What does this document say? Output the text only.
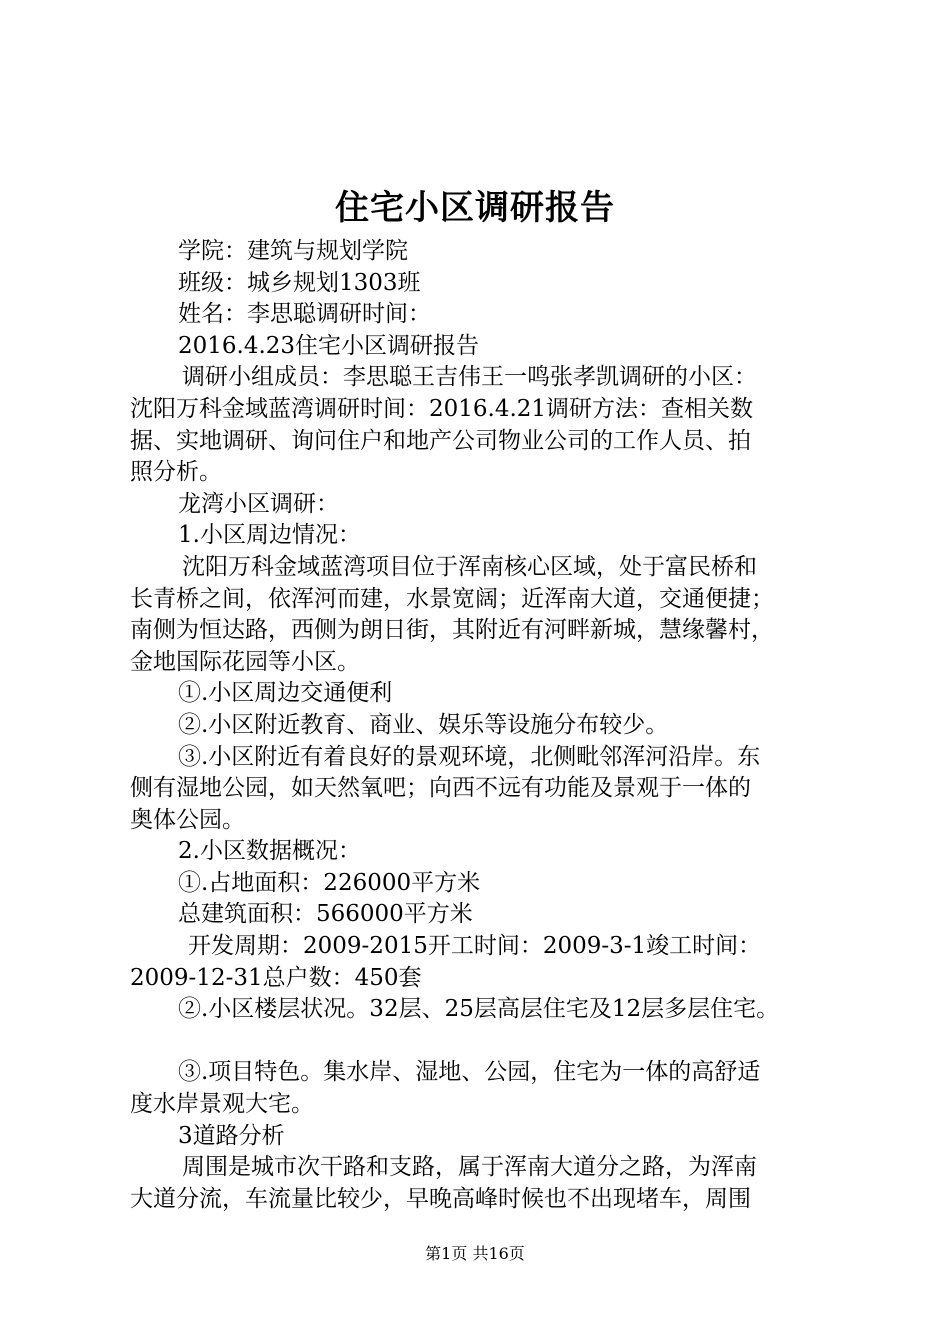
住宅小区调研报告

学院：建筑与规划学院

班级：城乡规划1303班

姓名：李思聪调研时间：

2016.4.23住宅小区调研报告

调研小组成员：李思聪王吉伟王一鸣张孝凯调研的小区：

沈阳万科金域蓝湾调研时间：2016.4.21调研方法：查相关数

据、实地调研、询问住户和地产公司物业公司的工作人员、拍

照分析。

龙湾小区调研：

1.小区周边情况：

沈阳万科金域蓝湾项目位于浑南核心区域，处于富民桥和

长青桥之间，依浑河而建，水景宽阔；近浑南大道，交通便捷；

南侧为恒达路，西侧为朗日街，其附近有河畔新城，慧缘馨村，

金地国际花园等小区。

①.小区周边交通便利

②.小区附近教育、商业、娱乐等设施分布较少。

③.小区附近有着良好的景观环境，北侧毗邻浑河沿岸。东

侧有湿地公园，如天然氧吧；向西不远有功能及景观于一体的

奥体公园。

2.小区数据概况：

①.占地面积：226000平方米

总建筑面积：566000平方米

开发周期：2009-2015开工时间：2009-3-1竣工时间：

2009-12-31总户数：450套

②.小区楼层状况。32层、25层高层住宅及12层多层住宅。

③.项目特色。集水岸、湿地、公园，住宅为一体的高舒适

度水岸景观大宅。

3道路分析

周围是城市次干路和支路，属于浑南大道分之路，为浑南

大道分流，车流量比较少，早晚高峰时候也不出现堵车，周围

第1页 共16页
